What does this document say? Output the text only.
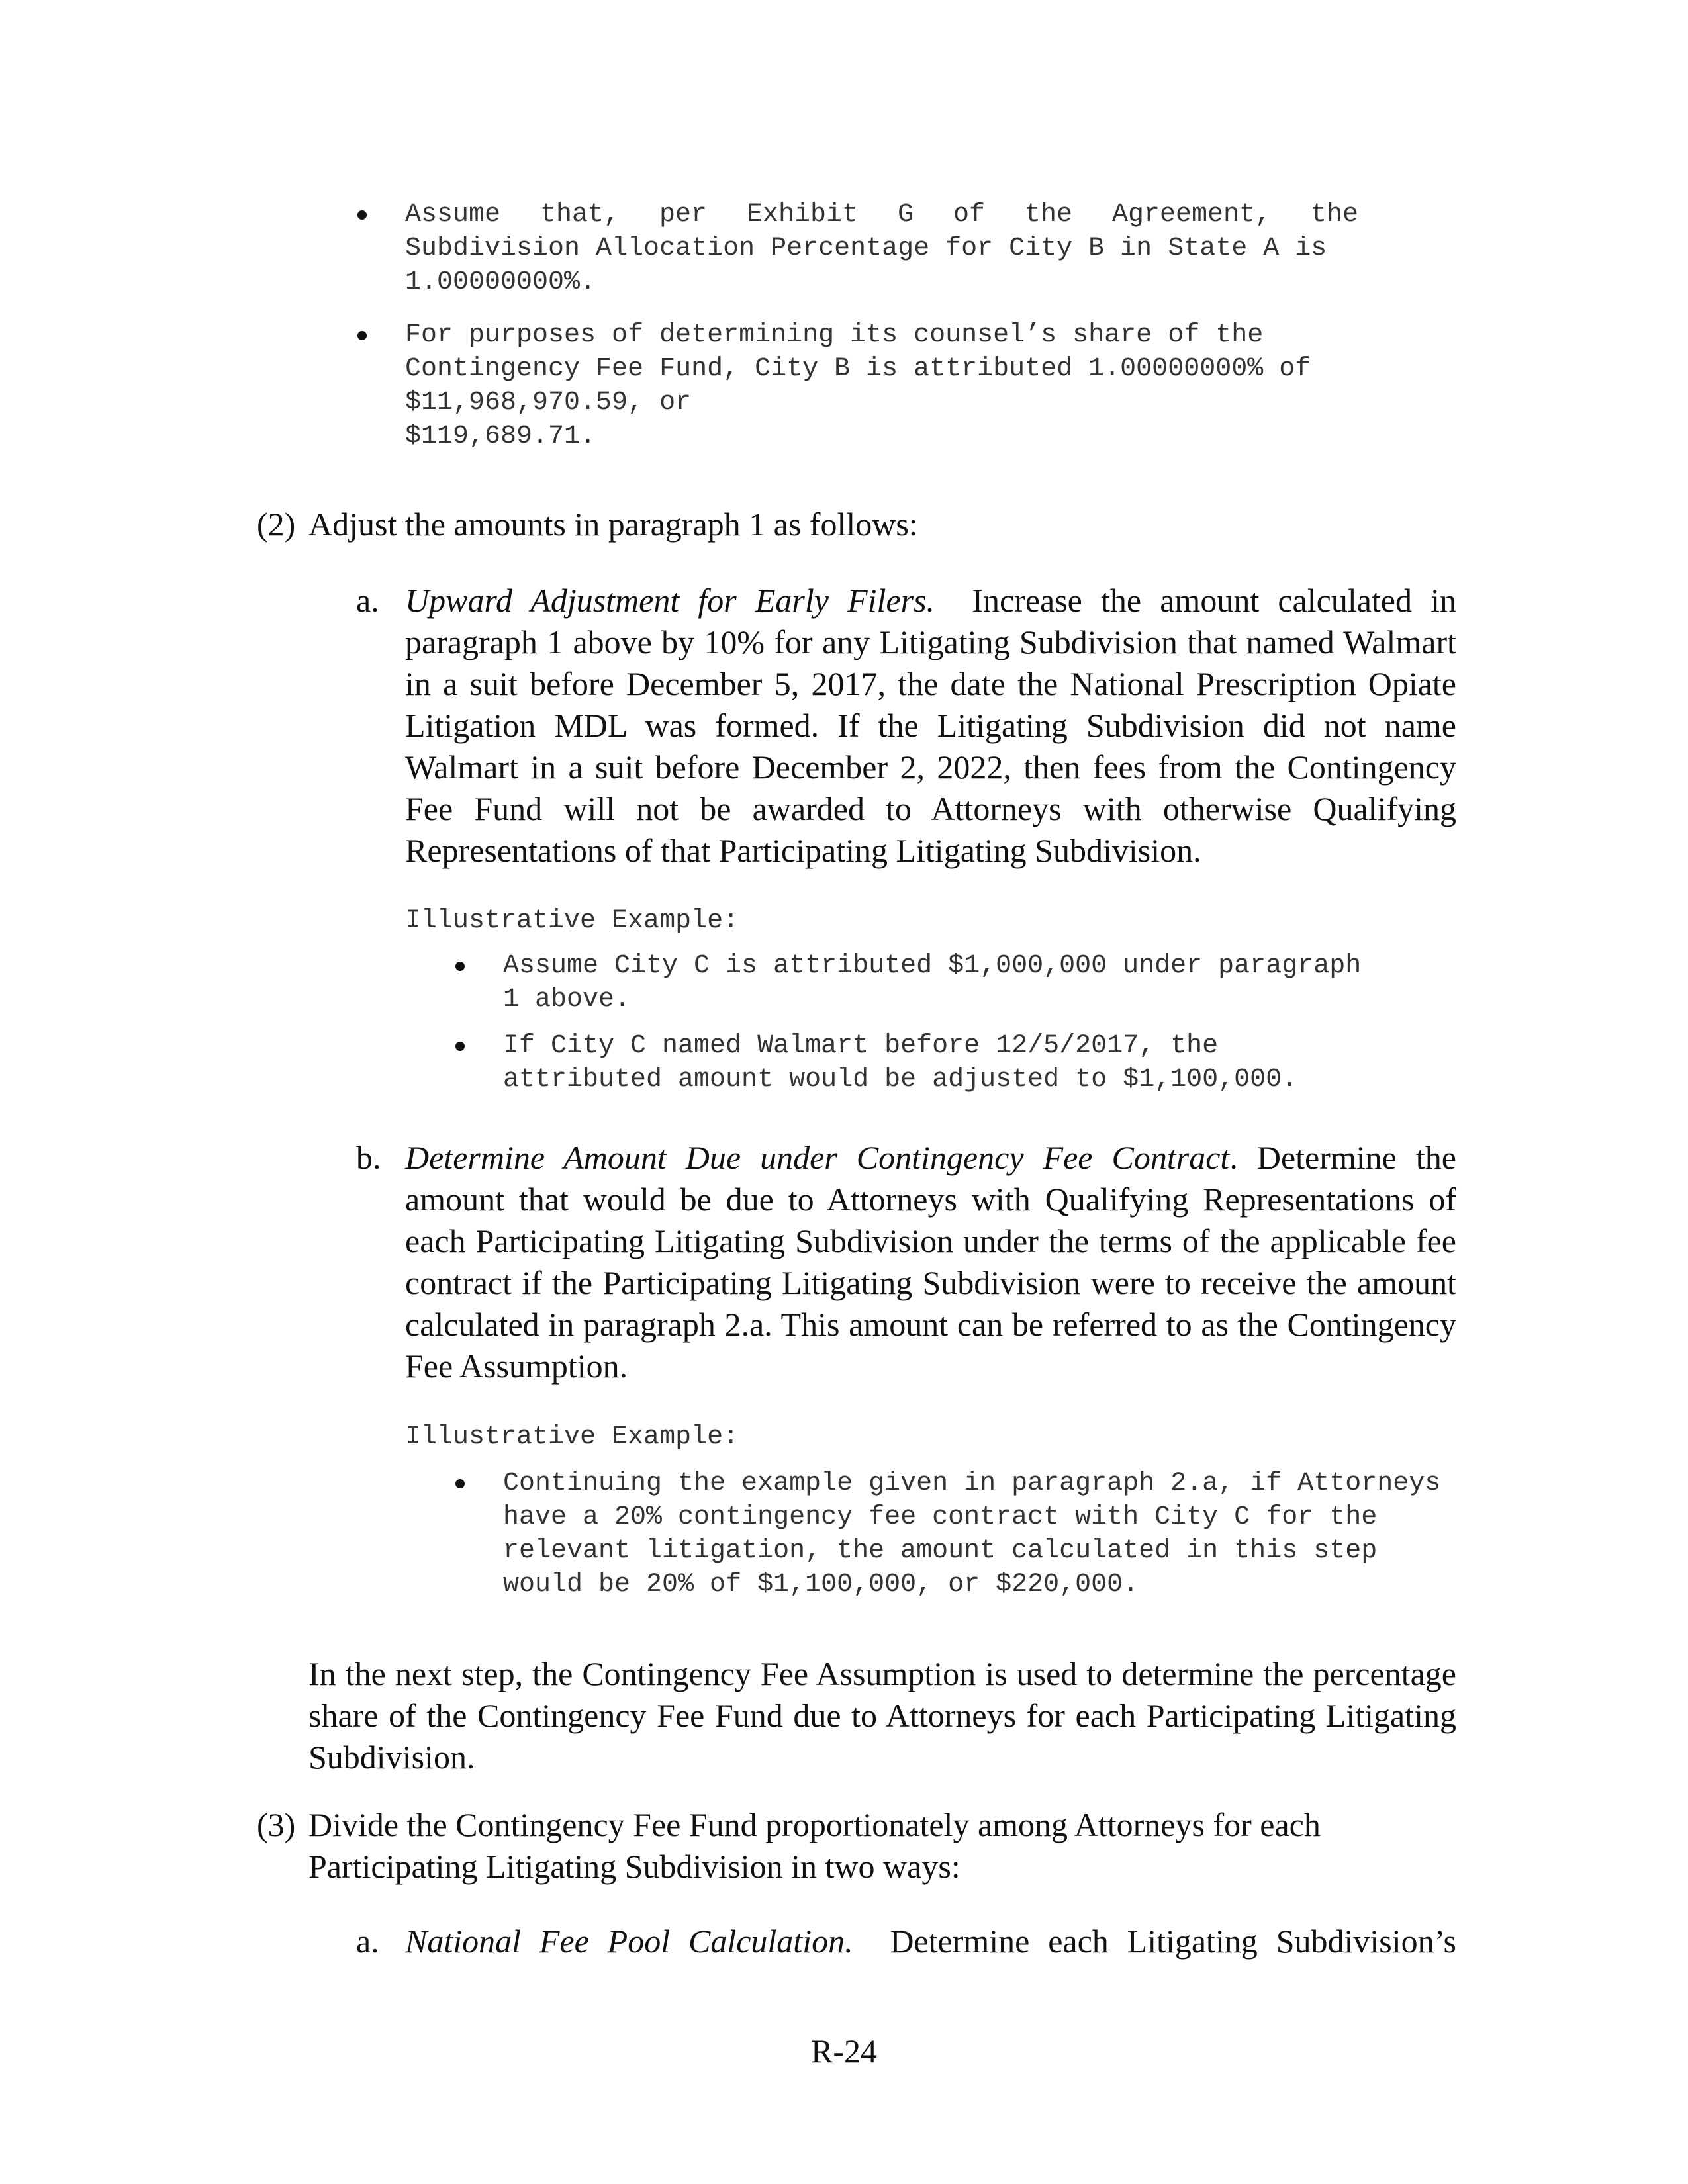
Assume that, per Exhibit G of the Agreement, the
Subdivision Allocation Percentage for City B in State A is
1.00000000%.
For purposes of determining its counsel’s share of the
Contingency Fee Fund, City B is attributed 1.00000000% of
$11,968,970.59, or
$119,689.71.
(2) Adjust the amounts in paragraph 1 as follows:
a. Upward Adjustment for Early Filers. Increase the amount calculated in paragraph 1 above by 10% for any Litigating Subdivision that named Walmart in a suit before December 5, 2017, the date the National Prescription Opiate Litigation MDL was formed. If the Litigating Subdivision did not name Walmart in a suit before December 2, 2022, then fees from the Contingency Fee Fund will not be awarded to Attorneys with otherwise Qualifying Representations of that Participating Litigating Subdivision.
Illustrative Example:
Assume City C is attributed $1,000,000 under paragraph
1 above.
If City C named Walmart before 12/5/2017, the
attributed amount would be adjusted to $1,100,000.
b. Determine Amount Due under Contingency Fee Contract. Determine the amount that would be due to Attorneys with Qualifying Representations of each Participating Litigating Subdivision under the terms of the applicable fee contract if the Participating Litigating Subdivision were to receive the amount calculated in paragraph 2.a. This amount can be referred to as the Contingency Fee Assumption.
Illustrative Example:
Continuing the example given in paragraph 2.a, if Attorneys
have a 20% contingency fee contract with City C for the
relevant litigation, the amount calculated in this step
would be 20% of $1,100,000, or $220,000.
In the next step, the Contingency Fee Assumption is used to determine the percentage share of the Contingency Fee Fund due to Attorneys for each Participating Litigating Subdivision.
(3) Divide the Contingency Fee Fund proportionately among Attorneys for each
Participating Litigating Subdivision in two ways:
a. National Fee Pool Calculation. Determine each Litigating Subdivision’s
R-24
